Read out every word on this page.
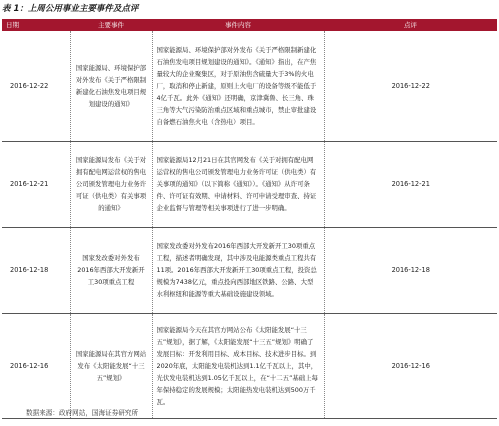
表 1：上周公用事业主要事件及点评
日期	主要事件	事件内容	点评
2016-12-22	国家能源局、环境保护部对外发布《关于严格限制新建化石油焦发电项目规划建设的通知》	国家能源局、环境保护部对外发布《关于严格限制新建化石油焦发电项目规划建设的通知》。《通知》指出，在产焦量较大的企业聚集区，对于原油焦含硫量大于3%的火电厂，取消和停止新建，原则上火电厂的设备等级不能低于4亿千瓦。此外《通知》还明确，京津冀鲁、长三角、珠三角等大气污染防治重点区域和重点城市，禁止审批建设自备燃石油焦火电（含热电）项目。	2016-12-22
2016-12-21	国家能源局发布《关于对拥有配电网运营权的售电公司颁发管理电力业务许可证（供电类）有关事项的通知》	国家能源局12月21日在其官网发布《关于对拥有配电网运营权的售电公司颁发管理电力业务许可证（供电类）有关事项的通知》（以下简称《通知》）。《通知》从许可条件、许可证有效期、申请材料、许可申请受理审查、持证企业监督与管理等相关事项进行了进一步明确。	2016-12-21
2016-12-18	国家发改委对外发布2016年西部大开发新开工30项重点工程	国家发改委对外发布2016年西部大开发新开工30项重点工程，描述者明确发现，其中涉及电能源类重点工程共有11项。2016年西部大开发新开工30项重点工程，投资总规模为7438亿元，重点投向西部地区铁路、公路、大型水利枢纽和能源等重大基础设施建设领域。	2016-12-18
2016-12-16	国家能源局在其官方网站发布《太阳能发展“十三五”规划》	国家能源局今天在其官方网站公布《太阳能发展“十三五”规划》，据了解，《太阳能发展“十三五”规划》明确了发展目标：开发利用目标、成本目标、技术进步目标。到2020年底，太阳能发电装机达到1.1亿千瓦以上，其中，光伏发电装机达到1.05亿千瓦以上，在“十二五”基础上每年保持稳定的发展规模；太阳能热发电装机达到500万千瓦。	2016-12-16
数据来源：政府网站，国海证券研究所
